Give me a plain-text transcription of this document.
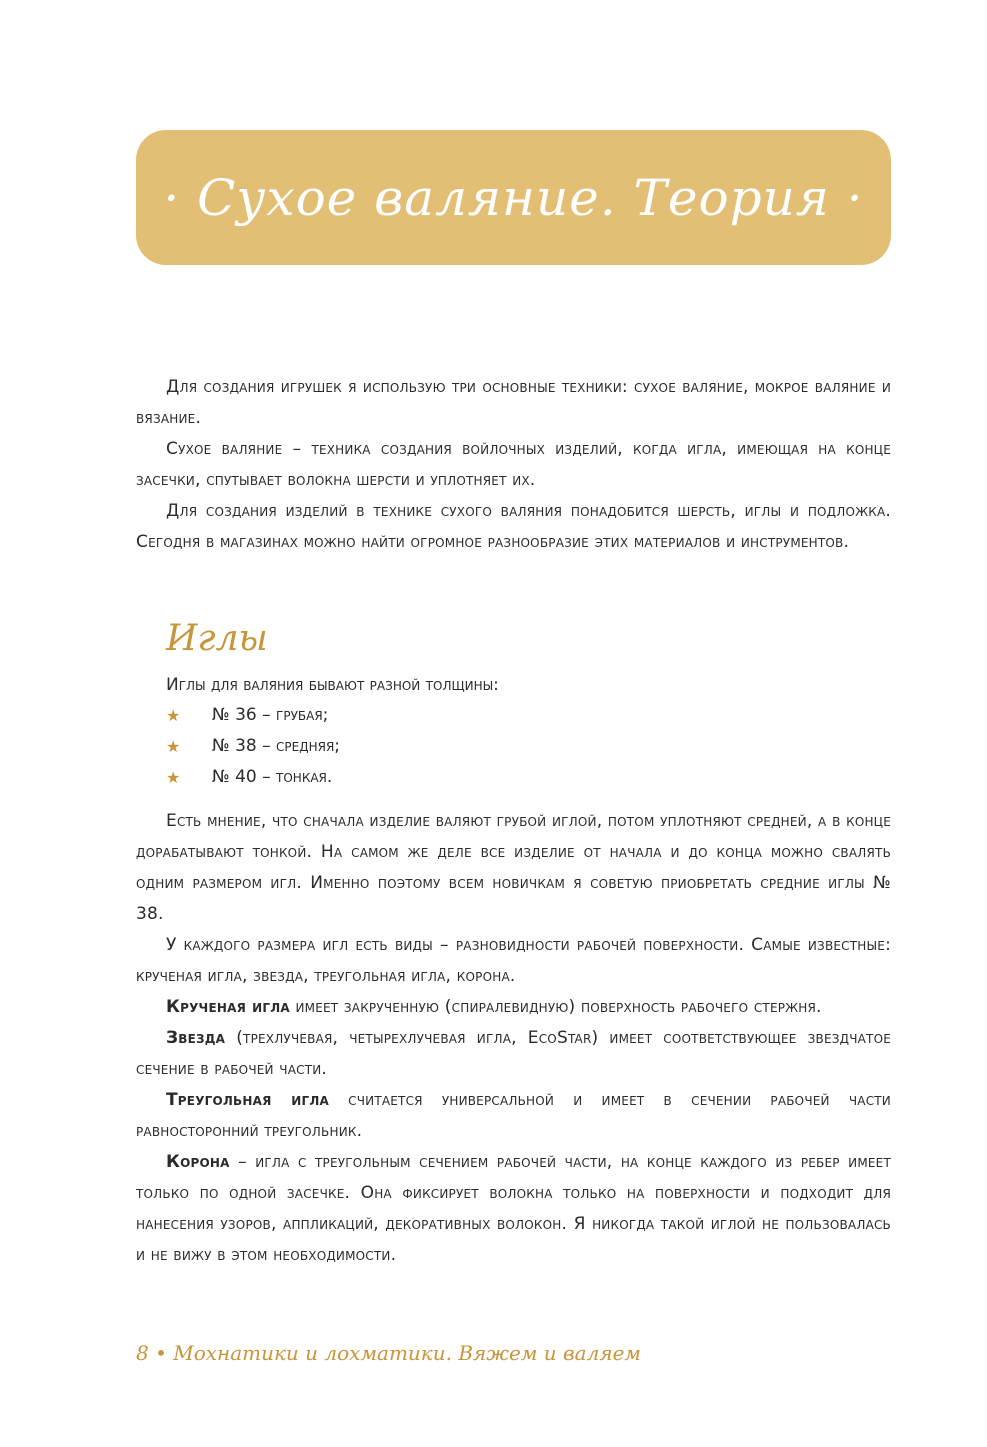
· Сухое валяние. Теория ·

Для создания игрушек я использую три основные техники: сухое валяние, мокрое валяние и вязание.

Сухое валяние – техника создания войлочных изделий, когда игла, имеющая на конце засечки, спутывает волокна шерсти и уплотняет их.

Для создания изделий в технике сухого валяния понадобится шерсть, иглы и подложка. Сегодня в магазинах можно найти огромное разнообразие этих материалов и инструментов.

Иглы
Иглы для валяния бывают разной толщины:
★	№ 36 – грубая;
★	№ 38 – средняя;
★	№ 40 – тонкая.

Есть мнение, что сначала изделие валяют грубой иглой, потом уплотняют средней, а в конце дорабатывают тонкой. На самом же деле все изделие от начала и до конца можно свалять одним размером игл. Именно поэтому всем новичкам я советую приобретать средние иглы № 38.

У каждого размера игл есть виды – разновидности рабочей поверхности. Самые известные: крученая игла, звезда, треугольная игла, корона.

Крученая игла имеет закрученную (спиралевидную) поверхность рабочего стержня.

Звезда (трехлучевая, четырехлучевая игла, EcoStar) имеет соответствующее звездчатое сечение в рабочей части.

Треугольная игла считается универсальной и имеет в сечении рабочей части равносторонний треугольник.

Корона – игла с треугольным сечением рабочей части, на конце каждого из ребер имеет только по одной засечке. Она фиксирует волокна только на поверхности и подходит для нанесения узоров, аппликаций, декоративных волокон. Я никогда такой иглой не пользовалась и не вижу в этом необходимости.

8 • Мохнатики и лохматики. Вяжем и валяем
